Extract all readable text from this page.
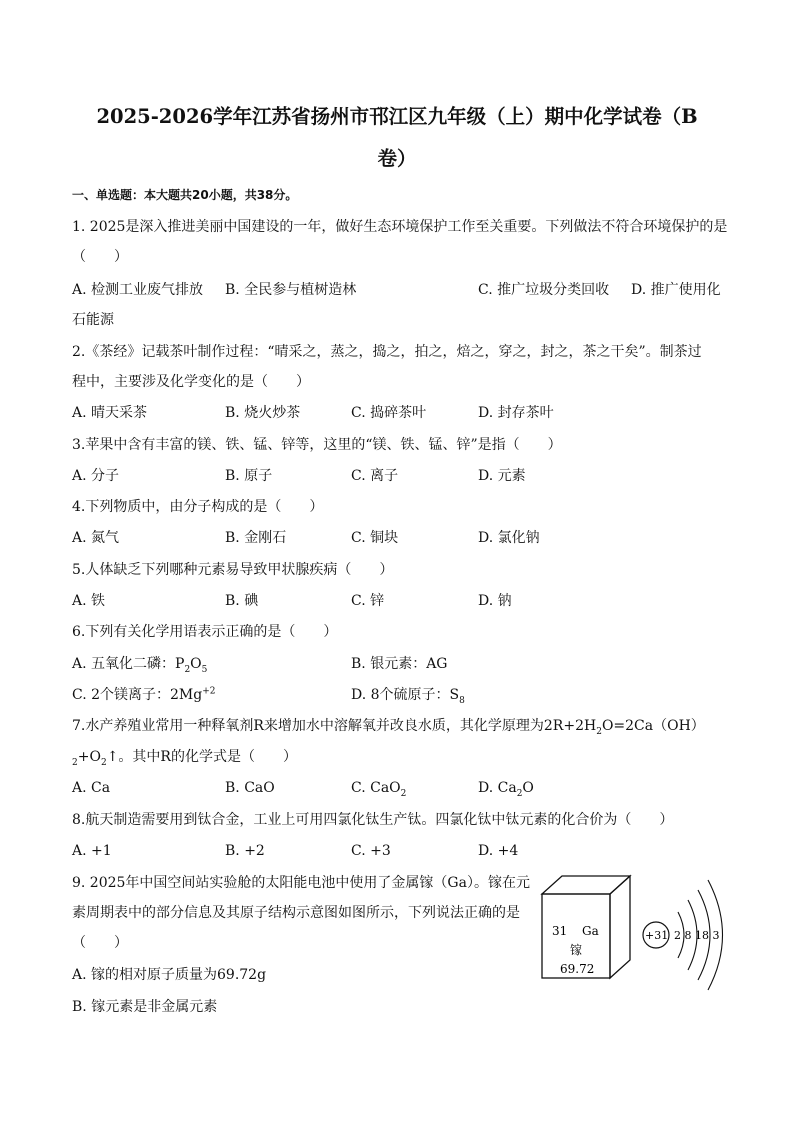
2025-2026学年江苏省扬州市邗江区九年级（上）期中化学试卷（B
卷）
一、单选题：本大题共20小题，共38分。
1. 2025是深入推进美丽中国建设的一年，做好生态环境保护工作至关重要。下列做法不符合环境保护的是
（　　）
A. 检测工业废气排放 B. 全民参与植树造林	C. 推广垃圾分类回收 D. 推广使用化
石能源
2.《茶经》记载茶叶制作过程：“晴采之，蒸之，捣之，拍之，焙之，穿之，封之，茶之干矣”。制茶过
程中，主要涉及化学变化的是（　　）
A. 晴天采茶	B. 烧火炒茶	C. 捣碎茶叶	D. 封存茶叶
3.苹果中含有丰富的镁、铁、锰、锌等，这里的“镁、铁、锰、锌”是指（　　）
A. 分子	B. 原子	C. 离子	D. 元素
4.下列物质中，由分子构成的是（　　）
A. 氮气	B. 金刚石	C. 铜块	D. 氯化钠
5.人体缺乏下列哪种元素易导致甲状腺疾病（　　）
A. 铁	B. 碘	C. 锌	D. 钠
6.下列有关化学用语表示正确的是（　　）
A. 五氧化二磷：$P_2O_5$	B. 银元素：AG
C. 2个镁离子：$2Mg^{+2}$	D. 8个硫原子：$S_8$
7.水产养殖业常用一种释氧剂R来增加水中溶解氧并改良水质，其化学原理为$2R+2H_2O=2Ca(OH)$
$_2+O_2↑$。其中R的化学式是（　　）
A. Ca	B. CaO	C. CaO$_2$	D. $Ca_2O$
8.航天制造需要用到钛合金，工业上可用四氯化钛生产钛。四氯化钛中钛元素的化合价为（　　）
A. +1	B. +2	C. +3	D. +4
9. 2025年中国空间站实验舱的太阳能电池中使用了金属镓（Ga）。镓在元
素周期表中的部分信息及其原子结构示意图如图所示，下列说法正确的是
（　　）
A. 镓的相对原子质量为69.72g
B. 镓元素是非金属元素
31 Ga
镓
69.72
+31 2 8 18 3
